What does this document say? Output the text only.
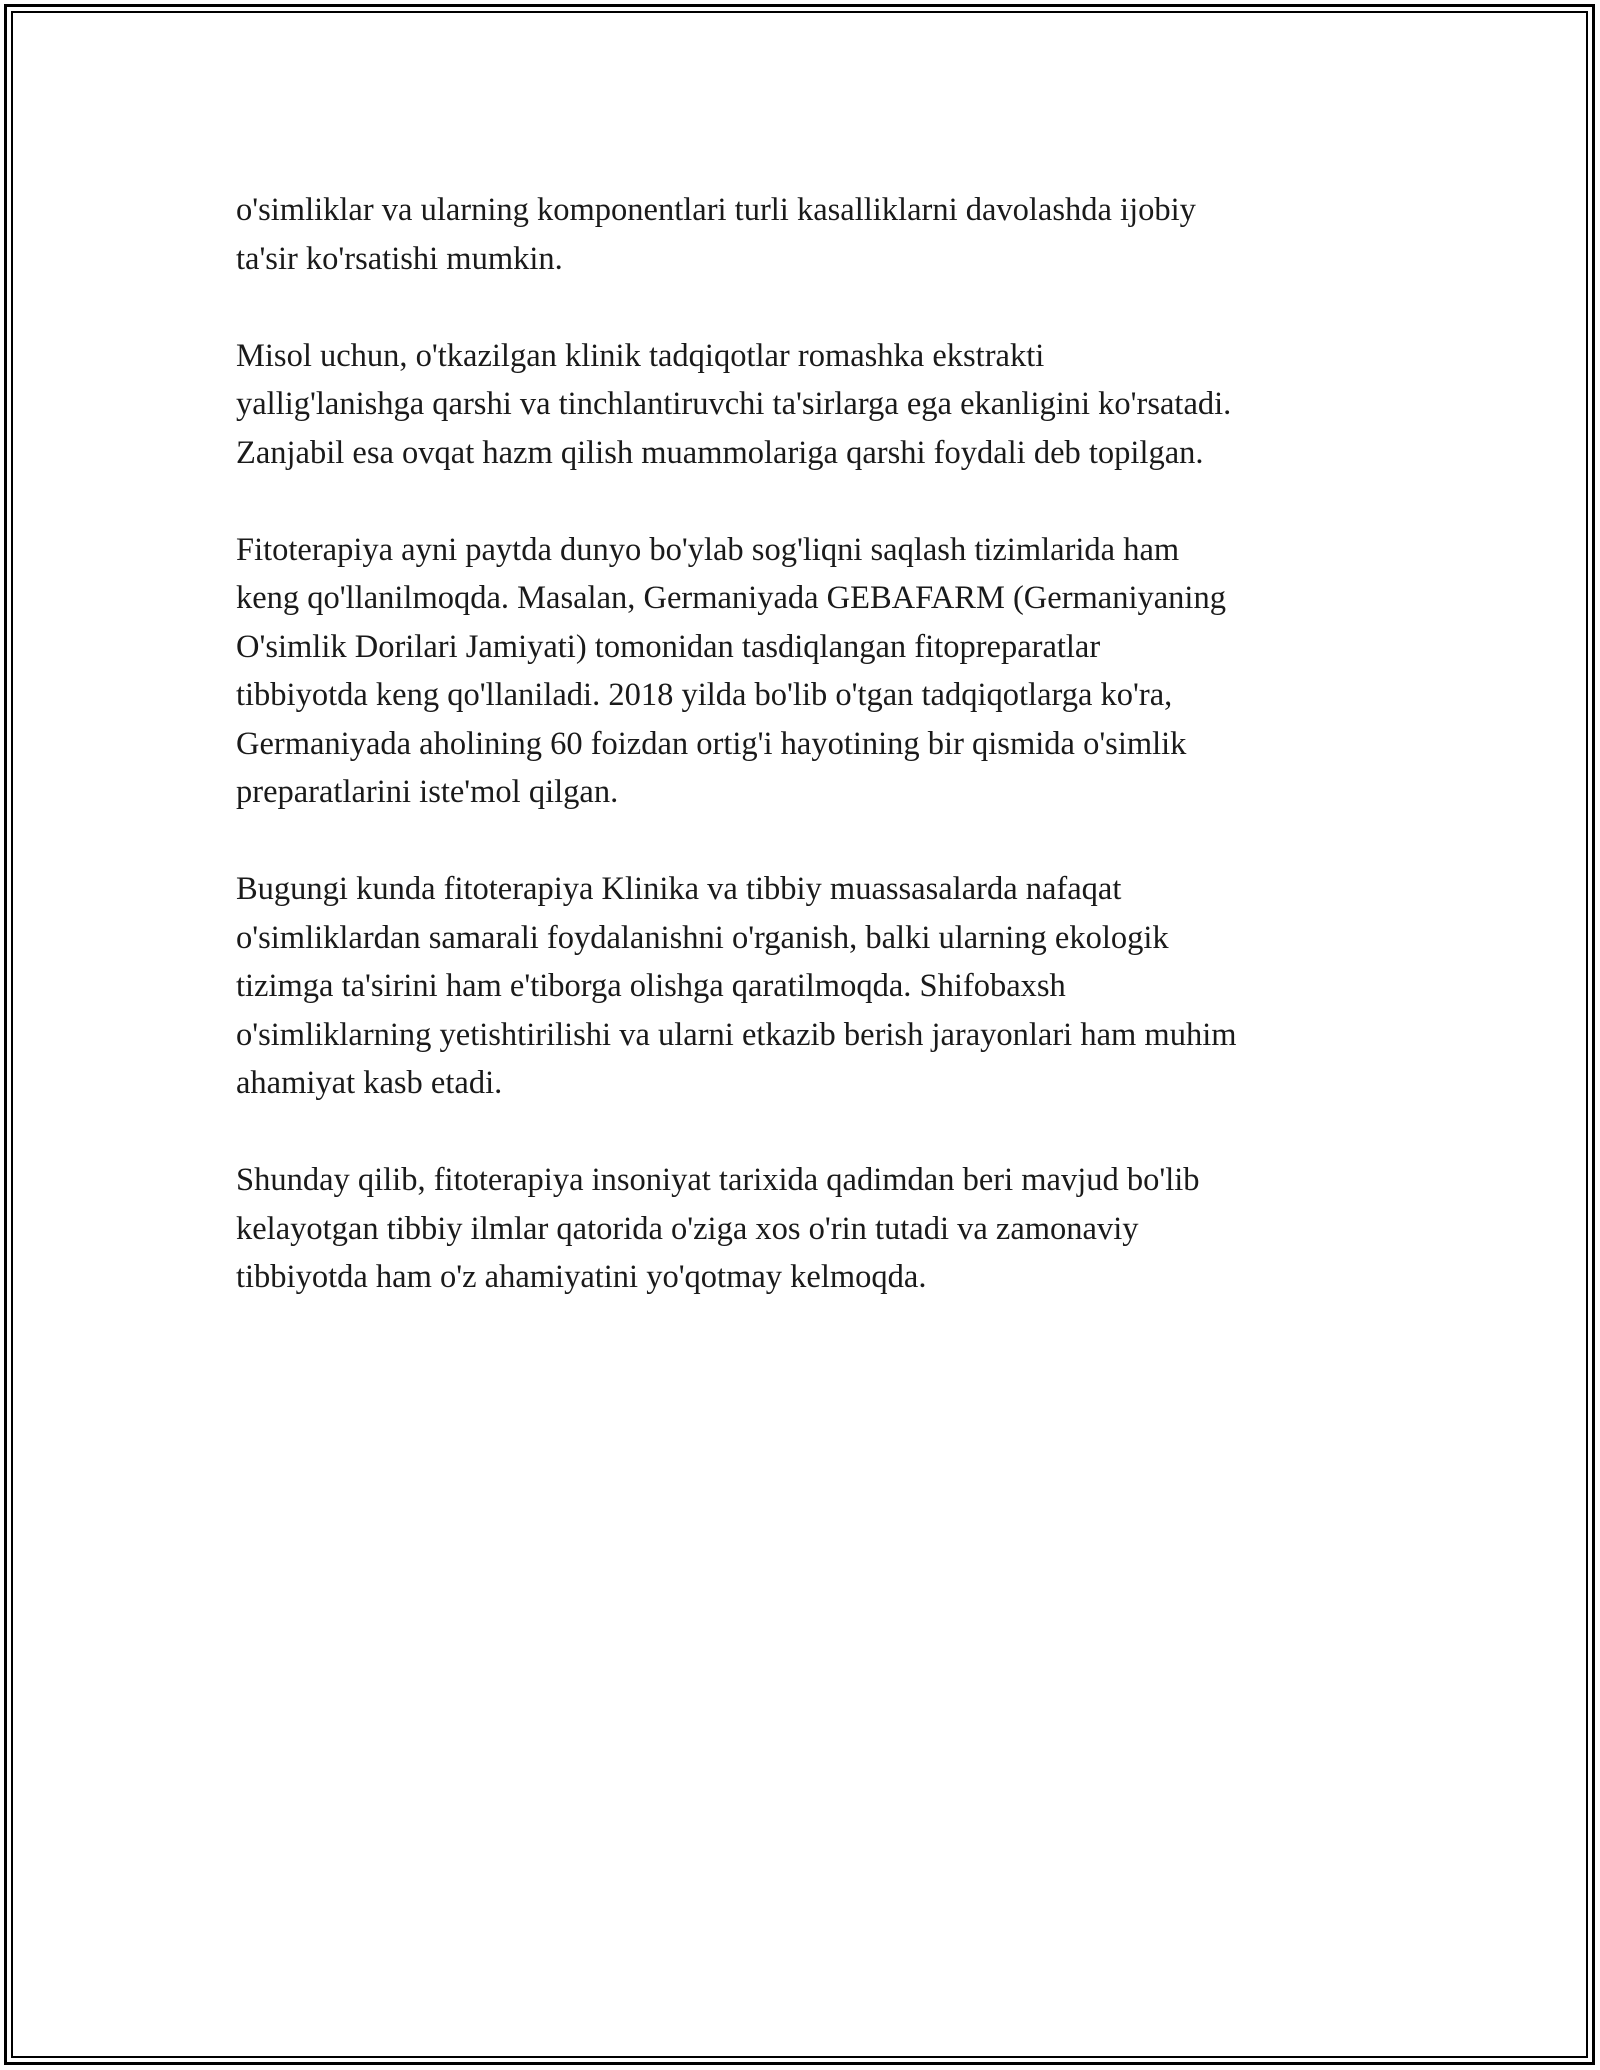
o'simliklar va ularning komponentlari turli kasalliklarni davolashda ijobiy
ta'sir ko'rsatishi mumkin.

Misol uchun, o'tkazilgan klinik tadqiqotlar romashka ekstrakti
yallig'lanishga qarshi va tinchlantiruvchi ta'sirlarga ega ekanligini ko'rsatadi.
Zanjabil esa ovqat hazm qilish muammolariga qarshi foydali deb topilgan.

Fitoterapiya ayni paytda dunyo bo'ylab sog'liqni saqlash tizimlarida ham
keng qo'llanilmoqda. Masalan, Germaniyada GEBAFARM (Germaniyaning
O'simlik Dorilari Jamiyati) tomonidan tasdiqlangan fitopreparatlar
tibbiyotda keng qo'llaniladi. 2018 yilda bo'lib o'tgan tadqiqotlarga ko'ra,
Germaniyada aholining 60 foizdan ortig'i hayotining bir qismida o'simlik
preparatlarini iste'mol qilgan.

Bugungi kunda fitoterapiya Klinika va tibbiy muassasalarda nafaqat
o'simliklardan samarali foydalanishni o'rganish, balki ularning ekologik
tizimga ta'sirini ham e'tiborga olishga qaratilmoqda. Shifobaxsh
o'simliklarning yetishtirilishi va ularni etkazib berish jarayonlari ham muhim
ahamiyat kasb etadi.

Shunday qilib, fitoterapiya insoniyat tarixida qadimdan beri mavjud bo'lib
kelayotgan tibbiy ilmlar qatorida o'ziga xos o'rin tutadi va zamonaviy
tibbiyotda ham o'z ahamiyatini yo'qotmay kelmoqda.
